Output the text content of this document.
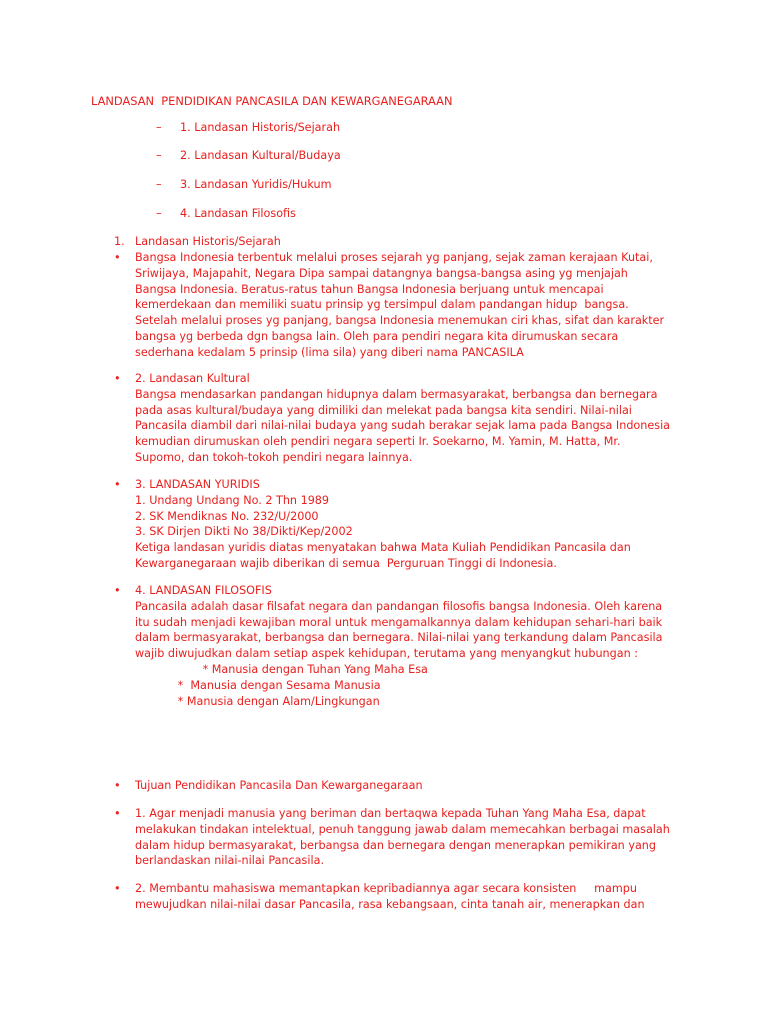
LANDASAN  PENDIDIKAN PANCASILA DAN KEWARGANEGARAAN
– 1. Landasan Historis/Sejarah
– 2. Landasan Kultural/Budaya
– 3. Landasan Yuridis/Hukum
– 4. Landasan Filosofis
1. Landasan Historis/Sejarah
•	Bangsa Indonesia terbentuk melalui proses sejarah yg panjang, sejak zaman kerajaan Kutai,
Sriwijaya, Majapahit, Negara Dipa sampai datangnya bangsa-bangsa asing yg menjajah
Bangsa Indonesia. Beratus-ratus tahun Bangsa Indonesia berjuang untuk mencapai
kemerdekaan dan memiliki suatu prinsip yg tersimpul dalam pandangan hidup  bangsa.
Setelah melalui proses yg panjang, bangsa Indonesia menemukan ciri khas, sifat dan karakter
bangsa yg berbeda dgn bangsa lain. Oleh para pendiri negara kita dirumuskan secara
sederhana kedalam 5 prinsip (lima sila) yang diberi nama PANCASILA
•	2. Landasan Kultural
Bangsa mendasarkan pandangan hidupnya dalam bermasyarakat, berbangsa dan bernegara
pada asas kultural/budaya yang dimiliki dan melekat pada bangsa kita sendiri. Nilai-nilai
Pancasila diambil dari nilai-nilai budaya yang sudah berakar sejak lama pada Bangsa Indonesia
kemudian dirumuskan oleh pendiri negara seperti Ir. Soekarno, M. Yamin, M. Hatta, Mr.
Supomo, dan tokoh-tokoh pendiri negara lainnya.
•	3. LANDASAN YURIDIS
1. Undang Undang No. 2 Thn 1989
2. SK Mendiknas No. 232/U/2000
3. SK Dirjen Dikti No 38/Dikti/Kep/2002
Ketiga landasan yuridis diatas menyatakan bahwa Mata Kuliah Pendidikan Pancasila dan
Kewarganegaraan wajib diberikan di semua  Perguruan Tinggi di Indonesia.
•	4. LANDASAN FILOSOFIS
Pancasila adalah dasar filsafat negara dan pandangan filosofis bangsa Indonesia. Oleh karena
itu sudah menjadi kewajiban moral untuk mengamalkannya dalam kehidupan sehari-hari baik
dalam bermasyarakat, berbangsa dan bernegara. Nilai-nilai yang terkandung dalam Pancasila
wajib diwujudkan dalam setiap aspek kehidupan, terutama yang menyangkut hubungan :
* Manusia dengan Tuhan Yang Maha Esa
*  Manusia dengan Sesama Manusia
* Manusia dengan Alam/Lingkungan
•	Tujuan Pendidikan Pancasila Dan Kewarganegaraan
•	1. Agar menjadi manusia yang beriman dan bertaqwa kepada Tuhan Yang Maha Esa, dapat
melakukan tindakan intelektual, penuh tanggung jawab dalam memecahkan berbagai masalah
dalam hidup bermasyarakat, berbangsa dan bernegara dengan menerapkan pemikiran yang
berlandaskan nilai-nilai Pancasila.
•	2. Membantu mahasiswa memantapkan kepribadiannya agar secara konsisten     mampu
mewujudkan nilai-nilai dasar Pancasila, rasa kebangsaan, cinta tanah air, menerapkan dan
